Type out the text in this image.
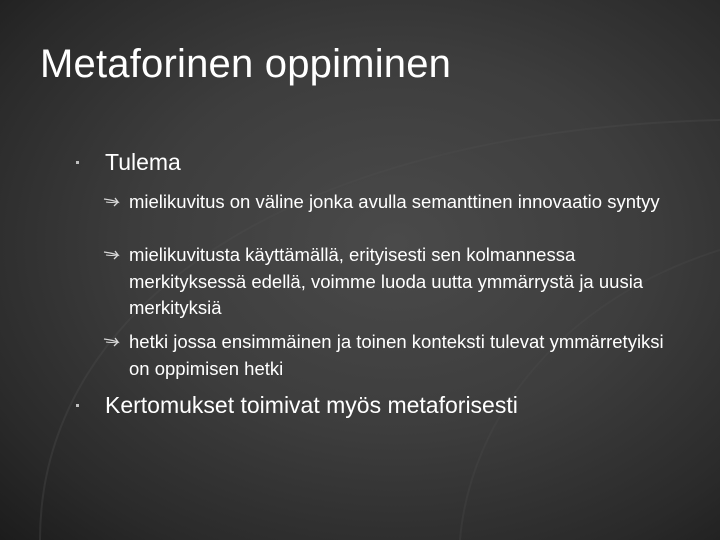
Metaforinen oppiminen
Tulema
mielikuvitus on väline jonka avulla semanttinen innovaatio syntyy
mielikuvitusta käyttämällä, erityisesti sen kolmannessa merkityksessä edellä, voimme luoda uutta ymmärrystä ja uusia merkityksiä
hetki jossa ensimmäinen ja toinen konteksti tulevat ymmärretyiksi on oppimisen hetki
Kertomukset toimivat myös metaforisesti
